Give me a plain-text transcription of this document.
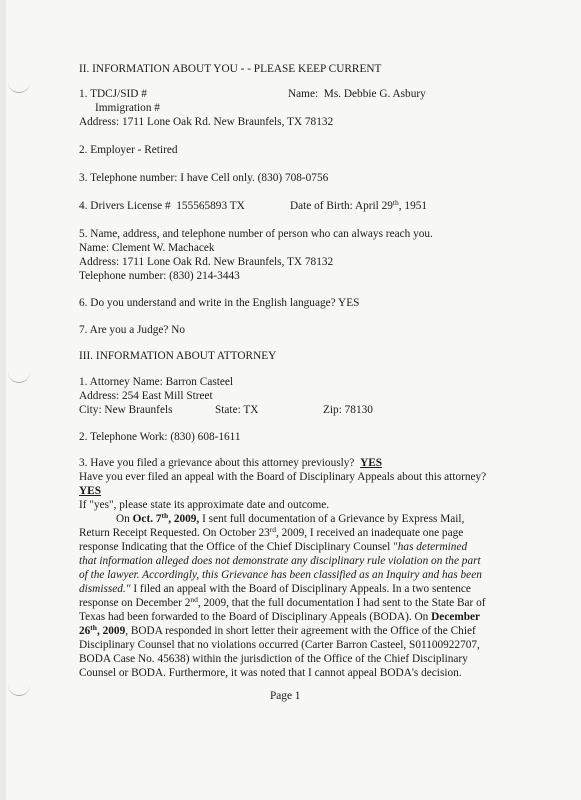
II. INFORMATION ABOUT YOU - - PLEASE KEEP CURRENT
1. TDCJ/SID #	Name: Ms. Debbie G. Asbury
Immigration #
Address: 1711 Lone Oak Rd. New Braunfels, TX 78132
2. Employer - Retired
3. Telephone number: I have Cell only. (830) 708-0756
4. Drivers License # 155565893 TX	Date of Birth: April 29th, 1951
5. Name, address, and telephone number of person who can always reach you.
Name: Clement W. Machacek
Address: 1711 Lone Oak Rd. New Braunfels, TX 78132
Telephone number: (830) 214-3443
6. Do you understand and write in the English language? YES
7. Are you a Judge? No
III. INFORMATION ABOUT ATTORNEY
1. Attorney Name: Barron Casteel
Address: 254 East Mill Street
City: New Braunfels	State: TX	Zip: 78130
2. Telephone Work: (830) 608-1611
3. Have you filed a grievance about this attorney previously? YES
Have you ever filed an appeal with the Board of Disciplinary Appeals about this attorney?
YES
If "yes", please state its approximate date and outcome.
On Oct. 7th, 2009, I sent full documentation of a Grievance by Express Mail,
Return Receipt Requested. On October 23rd, 2009, I received an inadequate one page
response Indicating that the Office of the Chief Disciplinary Counsel "has determined
that information alleged does not demonstrate any disciplinary rule violation on the part
of the lawyer. Accordingly, this Grievance has been classified as an Inquiry and has been
dismissed." I filed an appeal with the Board of Disciplinary Appeals. In a two sentence
response on December 2nd, 2009, that the full documentation I had sent to the State Bar of
Texas had been forwarded to the Board of Disciplinary Appeals (BODA). On December
26th, 2009, BODA responded in short letter their agreement with the Office of the Chief
Disciplinary Counsel that no violations occurred (Carter Barron Casteel, S01100922707,
BODA Case No. 45638) within the jurisdiction of the Office of the Chief Disciplinary
Counsel or BODA. Furthermore, it was noted that I cannot appeal BODA's decision.
Page 1
